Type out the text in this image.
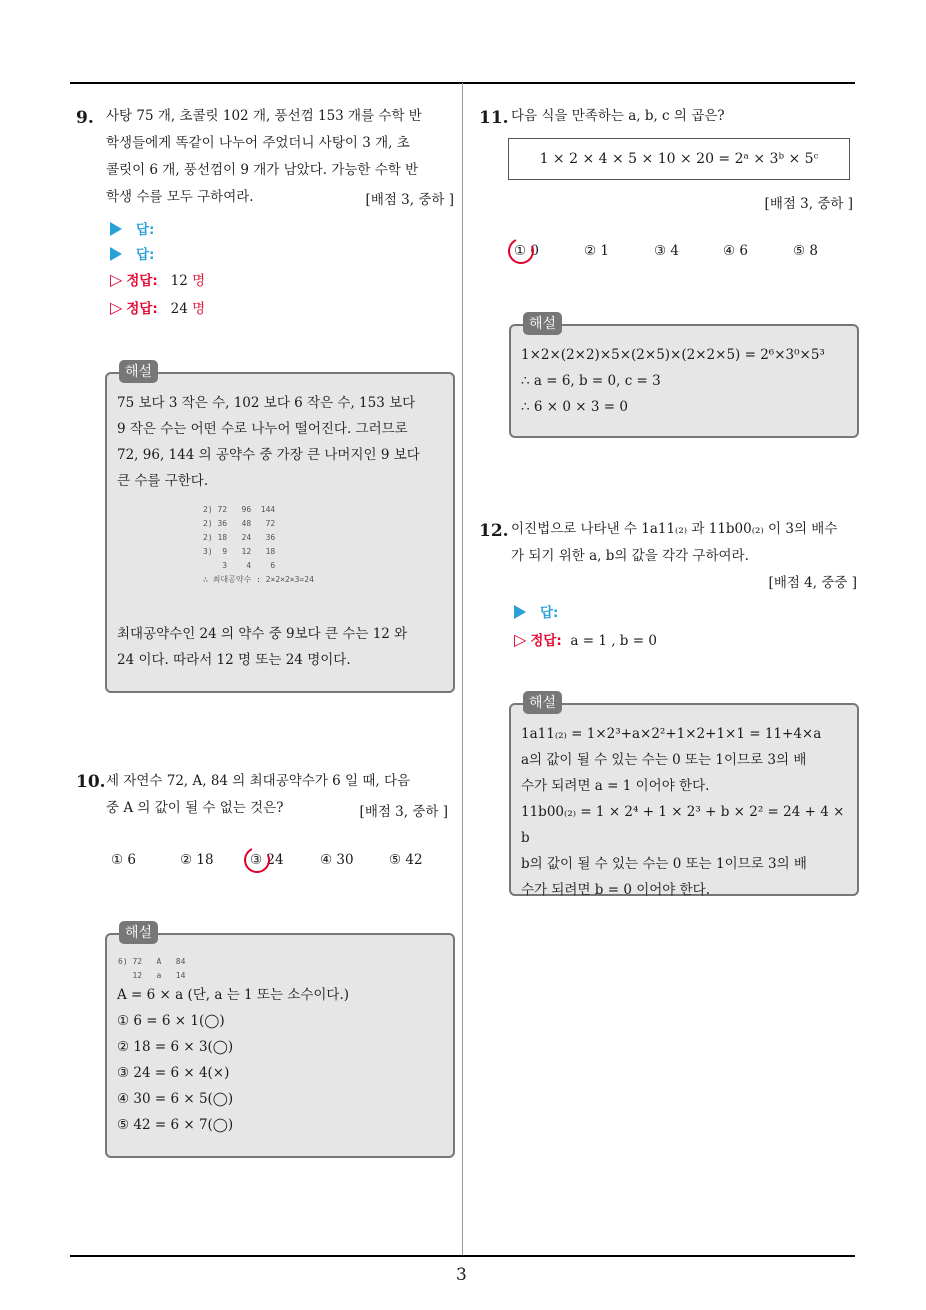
3
9. 사탕 75 개, 초콜릿 102 개, 풍선껌 153 개를 수학 반
학생들에게 똑같이 나누어 주었더니 사탕이 3 개, 초
콜릿이 6 개, 풍선껌이 9 개가 남았다. 가능한 수학 반
학생 수를 모두 구하여라.	[배점 3, 중하 ]
답:
답:
▷ 정답: 12 명
▷ 정답: 24 명
해설
75 보다 3 작은 수, 102 보다 6 작은 수, 153 보다
9 작은 수는 어떤 수로 나누어 떨어진다. 그러므로
72, 96, 144 의 공약수 중 가장 큰 나머지인 9 보다
큰 수를 구한다.
2) 72   96  144
2) 36   48   72
2) 18   24   36
3)  9   12   18
3    4    6
∴ 최대공약수 : 2×2×2×3=24
최대공약수인 24 의 약수 중 9보다 큰 수는 12 와
24 이다. 따라서 12 명 또는 24 명이다.
10. 세 자연수 72, A, 84 의 최대공약수가 6 일 때, 다음
중 A 의 값이 될 수 없는 것은?	[배점 3, 중하 ]
① 6	② 18	③ 24	④ 30	⑤ 42
해설
6) 72   A   84
12   a   14
A = 6 × a (단, a 는 1 또는 소수이다.)
① 6 = 6 × 1(◯)
② 18 = 6 × 3(◯)
③ 24 = 6 × 4(×)
④ 30 = 6 × 5(◯)
⑤ 42 = 6 × 7(◯)
11. 다음 식을 만족하는 a, b, c 의 곱은?
1 × 2 × 4 × 5 × 10 × 20 = 2ᵃ × 3ᵇ × 5ᶜ
[배점 3, 중하 ]
① 0	② 1	③ 4	④ 6	⑤ 8
해설
1×2×(2×2)×5×(2×5)×(2×2×5) = 2⁶×3⁰×5³
∴ a = 6, b = 0, c = 3
∴ 6 × 0 × 3 = 0
12. 이진법으로 나타낸 수 1a11₍₂₎ 과 11b00₍₂₎ 이 3의 배수
가 되기 위한 a, b의 값을 각각 구하여라.
[배점 4, 중중 ]
답:
▷ 정답: a = 1 , b = 0
해설
1a11₍₂₎ = 1×2³+a×2²+1×2+1×1 = 11+4×a
a의 값이 될 수 있는 수는 0 또는 1이므로 3의 배
수가 되려면 a = 1 이어야 한다.
11b00₍₂₎ = 1 × 2⁴ + 1 × 2³ + b × 2² = 24 + 4 × b
b의 값이 될 수 있는 수는 0 또는 1이므로 3의 배
수가 되려면 b = 0 이어야 한다.
